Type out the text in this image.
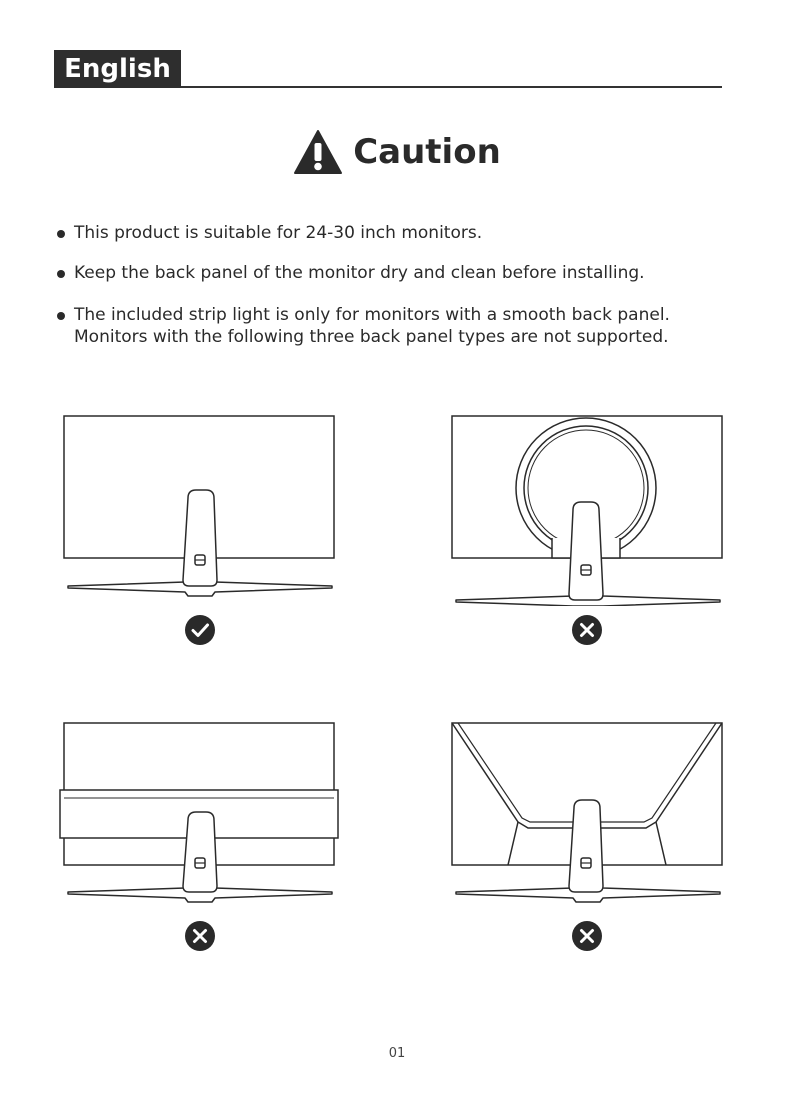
English
Caution
This product is suitable for 24-30 inch monitors.
Keep the back panel of the monitor dry and clean before installing.
The included strip light is only for monitors with a smooth back panel.
Monitors with the following three back panel types are not supported.
01
